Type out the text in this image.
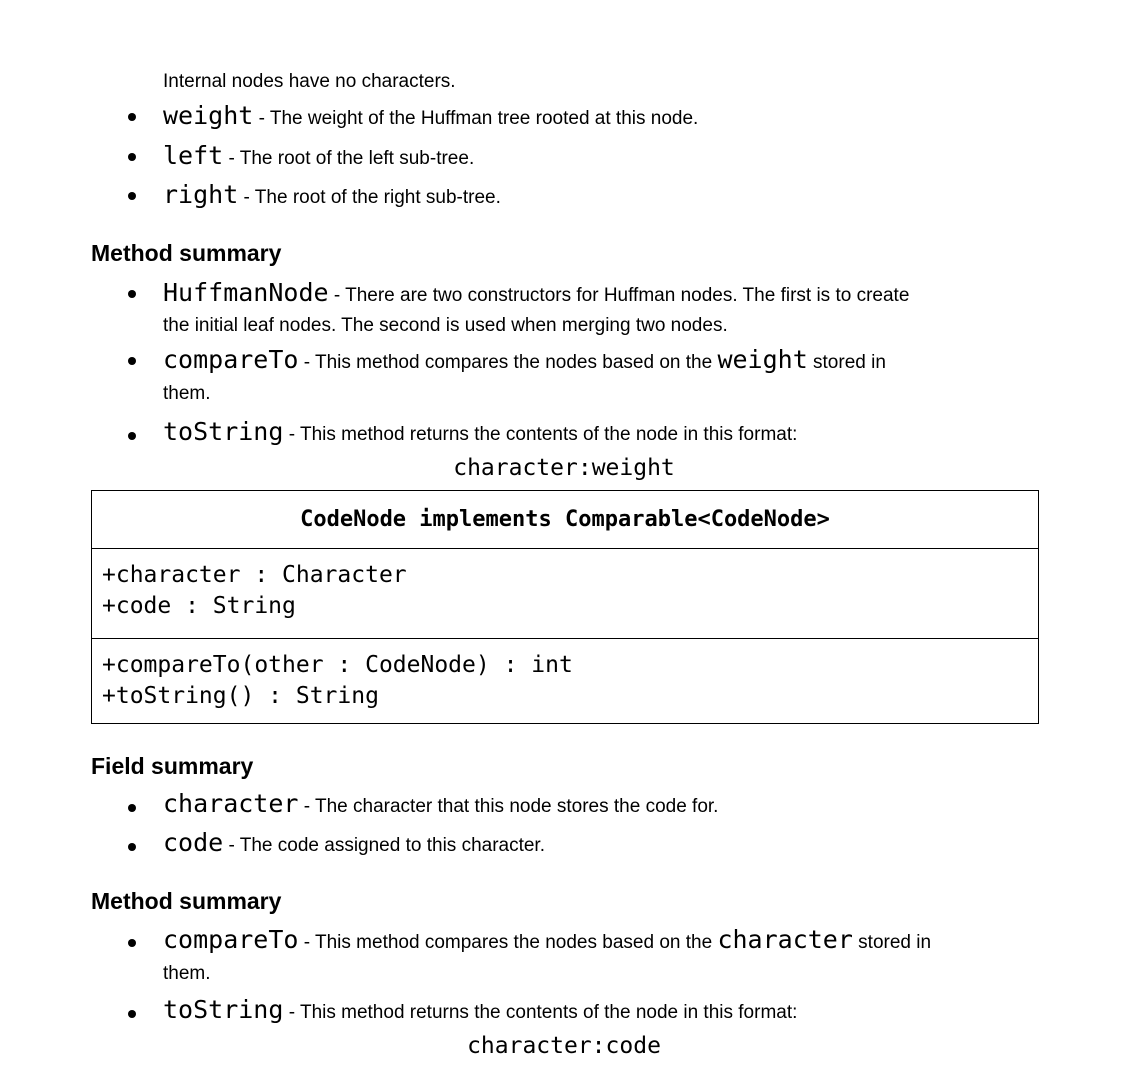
Internal nodes have no characters.
weight - The weight of the Huffman tree rooted at this node.
left - The root of the left sub-tree.
right - The root of the right sub-tree.
Method summary
HuffmanNode - There are two constructors for Huffman nodes. The first is to create
the initial leaf nodes. The second is used when merging two nodes.
compareTo - This method compares the nodes based on the weight stored in
them.
toString - This method returns the contents of the node in this format:
character:weight
CodeNode implements Comparable<CodeNode>
+character : Character
+code : String
+compareTo(other : CodeNode) : int
+toString() : String
Field summary
character - The character that this node stores the code for.
code - The code assigned to this character.
Method summary
compareTo - This method compares the nodes based on the character stored in
them.
toString - This method returns the contents of the node in this format:
character:code
